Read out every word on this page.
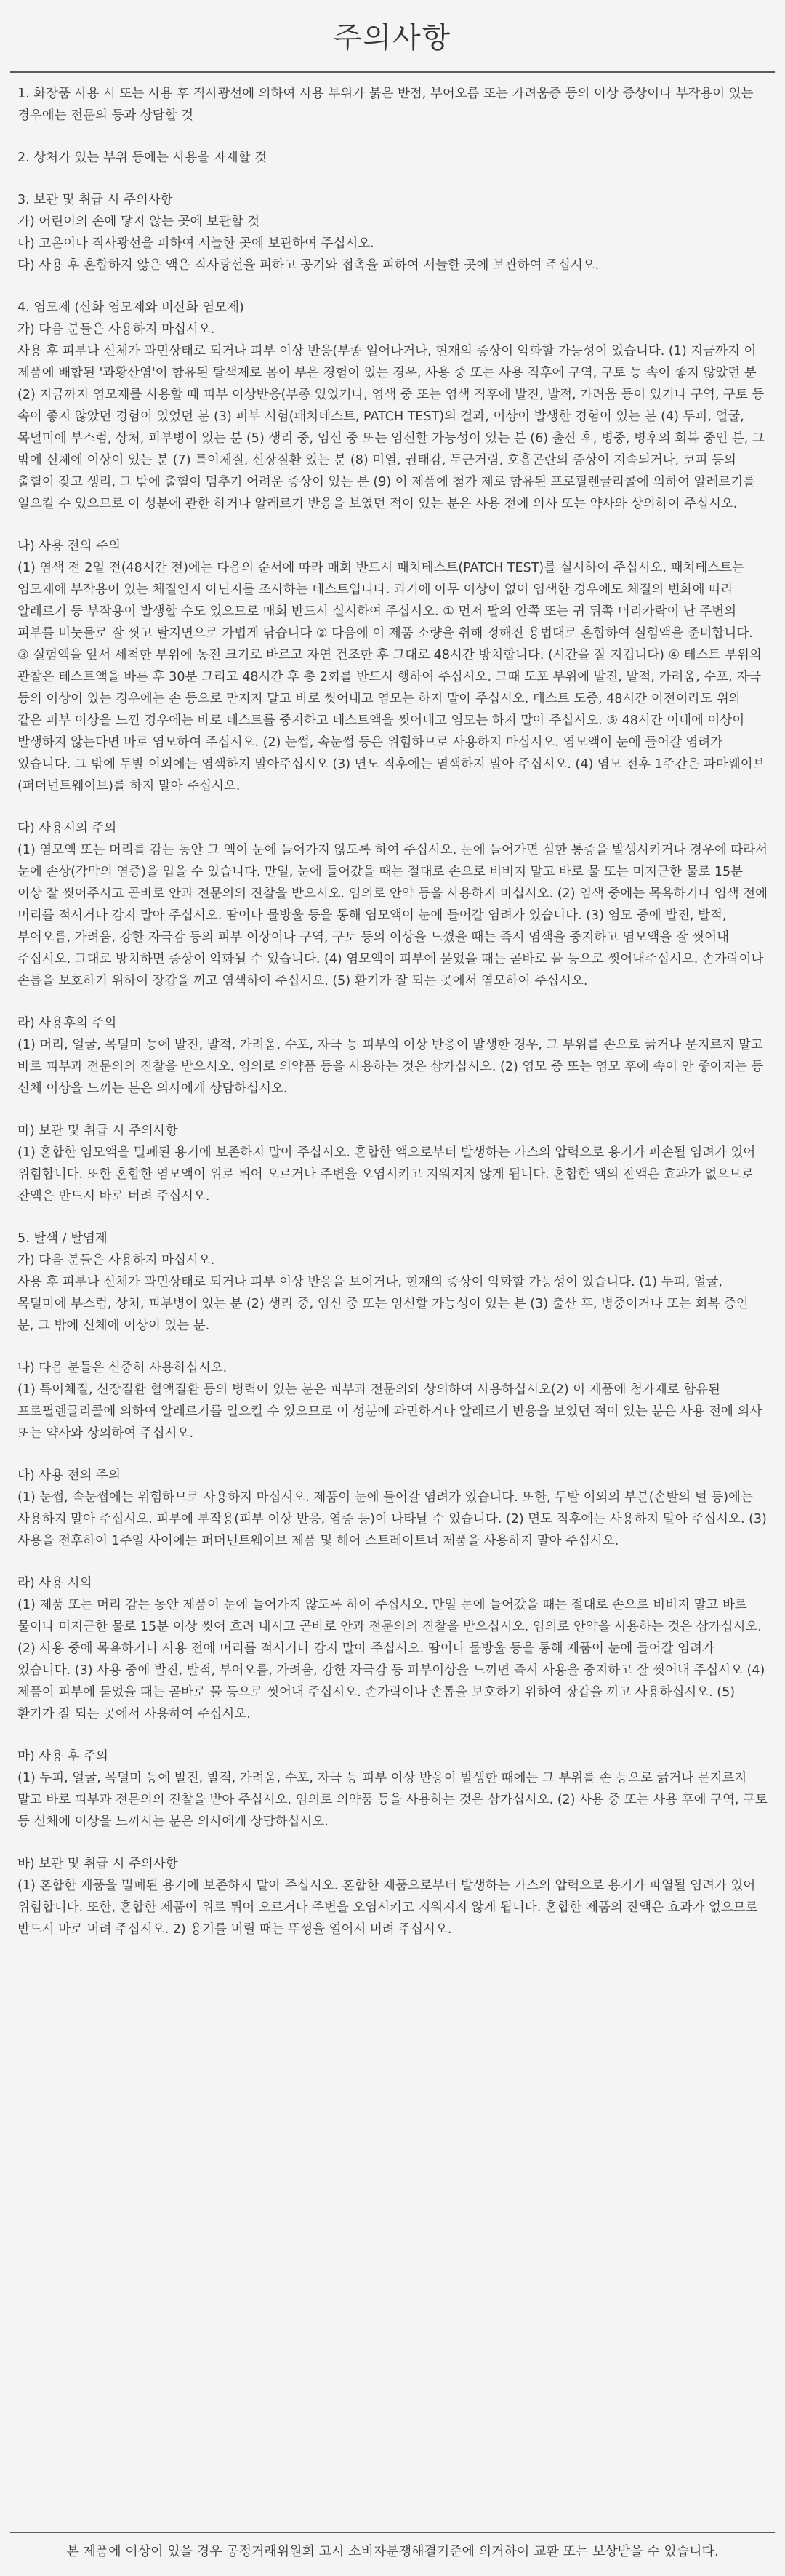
주의사항
1. 화장품 사용 시 또는 사용 후 직사광선에 의하여 사용 부위가 붉은 반점, 부어오름 또는 가려움증 등의 이상 증상이나 부작용이 있는 경우에는 전문의 등과 상담할 것
2. 상처가 있는 부위 등에는 사용을 자제할 것
3. 보관 및 취급 시 주의사항
가) 어린이의 손에 닿지 않는 곳에 보관할 것
나) 고온이나 직사광선을 피하여 서늘한 곳에 보관하여 주십시오.
다) 사용 후 혼합하지 않은 액은 직사광선을 피하고 공기와 접촉을 피하여 서늘한 곳에 보관하여 주십시오.
4. 염모제 (산화 염모제와 비산화 염모제)
가) 다음 분들은 사용하지 마십시오.
사용 후 피부나 신체가 과민상태로 되거나 피부 이상 반응(부종 일어나거나, 현재의 증상이 악화할 가능성이 있습니다. (1) 지금까지 이 제품에 배합된 '과황산염'이 함유된 탈색제로 몸이 부은 경험이 있는 경우, 사용 중 또는 사용 직후에 구역, 구토 등 속이 좋지 않았던 분 (2) 지금까지 염모제를 사용할 때 피부 이상반응(부종 있었거나, 염색 중 또는 염색 직후에 발진, 발적, 가려움 등이 있거나 구역, 구토 등 속이 좋지 않았던 경험이 있었던 분 (3) 피부 시험(패치테스트, PATCH TEST)의 결과, 이상이 발생한 경험이 있는 분 (4) 두피, 얼굴, 목덜미에 부스럼, 상처, 피부병이 있는 분 (5) 생리 중, 임신 중 또는 임신할 가능성이 있는 분 (6) 출산 후, 병중, 병후의 회복 중인 분, 그 밖에 신체에 이상이 있는 분 (7) 특이체질, 신장질환 있는 분 (8) 미열, 권태감, 두근거림, 호흡곤란의 증상이 지속되거나, 코피 등의 출혈이 잦고 생리, 그 밖에 출혈이 멈추기 어려운 증상이 있는 분 (9) 이 제품에 첨가 제로 함유된 프로필렌글리콜에 의하여 알레르기를 일으킬 수 있으므로 이 성분에 관한 하거나 알레르기 반응을 보였던 적이 있는 분은 사용 전에 의사 또는 약사와 상의하여 주십시오.
나) 사용 전의 주의
(1) 염색 전 2일 전(48시간 전)에는 다음의 순서에 따라 매회 반드시 패치테스트(PATCH TEST)를 실시하여 주십시오. 패치테스트는 염모제에 부작용이 있는 체질인지 아닌지를 조사하는 테스트입니다. 과거에 아무 이상이 없이 염색한 경우에도 체질의 변화에 따라 알레르기 등 부작용이 발생할 수도 있으므로 매회 반드시 실시하여 주십시오. ① 먼저 팔의 안쪽 또는 귀 뒤쪽 머리카락이 난 주변의 피부를 비눗물로 잘 씻고 탈지면으로 가볍게 닦습니다 ② 다음에 이 제품 소량을 취해 정해진 용법대로 혼합하여 실험액을 준비합니다. ③ 실험액을 앞서 세척한 부위에 동전 크기로 바르고 자연 건조한 후 그대로 48시간 방치합니다. (시간을 잘 지킵니다) ④ 테스트 부위의 관찰은 테스트액을 바른 후 30분 그리고 48시간 후 총 2회를 반드시 행하여 주십시오. 그때 도포 부위에 발진, 발적, 가려움, 수포, 자극 등의 이상이 있는 경우에는 손 등으로 만지지 말고 바로 씻어내고 염모는 하지 말아 주십시오. 테스트 도중, 48시간 이전이라도 위와 같은 피부 이상을 느낀 경우에는 바로 테스트를 중지하고 테스트액을 씻어내고 염모는 하지 말아 주십시오. ⑤ 48시간 이내에 이상이 발생하지 않는다면 바로 염모하여 주십시오. (2) 눈썹, 속눈썹 등은 위험하므로 사용하지 마십시오. 염모액이 눈에 들어갈 염려가 있습니다. 그 밖에 두발 이외에는 염색하지 말아주십시오 (3) 면도 직후에는 염색하지 말아 주십시오. (4) 염모 전후 1주간은 파마웨이브(퍼머넌트웨이브)를 하지 말아 주십시오.
다) 사용시의 주의
(1) 염모액 또는 머리를 감는 동안 그 액이 눈에 들어가지 않도록 하여 주십시오. 눈에 들어가면 심한 통증을 발생시키거나 경우에 따라서 눈에 손상(각막의 염증)을 입을 수 있습니다. 만일, 눈에 들어갔을 때는 절대로 손으로 비비지 말고 바로 물 또는 미지근한 물로 15분 이상 잘 씻어주시고 곧바로 안과 전문의의 진찰을 받으시오. 임의로 안약 등을 사용하지 마십시오. (2) 염색 중에는 목욕하거나 염색 전에 머리를 적시거나 감지 말아 주십시오. 땀이나 물방울 등을 통해 염모액이 눈에 들어갈 염려가 있습니다. (3) 염모 중에 발진, 발적, 부어오름, 가려움, 강한 자극감 등의 피부 이상이나 구역, 구토 등의 이상을 느꼈을 때는 즉시 염색을 중지하고 염모액을 잘 씻어내 주십시오. 그대로 방치하면 증상이 악화될 수 있습니다. (4) 염모액이 피부에 묻었을 때는 곧바로 물 등으로 씻어내주십시오. 손가락이나 손톱을 보호하기 위하여 장갑을 끼고 염색하여 주십시오. (5) 환기가 잘 되는 곳에서 염모하여 주십시오.
라) 사용후의 주의
(1) 머리, 얼굴, 목덜미 등에 발진, 발적, 가려움, 수포, 자극 등 피부의 이상 반응이 발생한 경우, 그 부위를 손으로 긁거나 문지르지 말고 바로 피부과 전문의의 진찰을 받으시오. 임의로 의약품 등을 사용하는 것은 삼가십시오. (2) 염모 중 또는 염모 후에 속이 안 좋아지는 등 신체 이상을 느끼는 분은 의사에게 상담하십시오.
마) 보관 및 취급 시 주의사항
(1) 혼합한 염모액을 밀폐된 용기에 보존하지 말아 주십시오. 혼합한 액으로부터 발생하는 가스의 압력으로 용기가 파손될 염려가 있어 위험합니다. 또한 혼합한 염모액이 위로 튀어 오르거나 주변을 오염시키고 지워지지 않게 됩니다. 혼합한 액의 잔액은 효과가 없으므로 잔액은 반드시 바로 버려 주십시오.
5. 탈색 / 탈염제
가) 다음 분들은 사용하지 마십시오.
사용 후 피부나 신체가 과민상태로 되거나 피부 이상 반응을 보이거나, 현재의 증상이 악화할 가능성이 있습니다. (1) 두피, 얼굴, 목덜미에 부스럼, 상처, 피부병이 있는 분 (2) 생리 중, 임신 중 또는 임신할 가능성이 있는 분 (3) 출산 후, 병중이거나 또는 회복 중인 분, 그 밖에 신체에 이상이 있는 분.
나) 다음 분들은 신중히 사용하십시오.
(1) 특이체질, 신장질환 혈액질환 등의 병력이 있는 분은 피부과 전문의와 상의하여 사용하십시오(2) 이 제품에 첨가제로 함유된 프로필렌글리콜에 의하여 알레르기를 일으킬 수 있으므로 이 성분에 과민하거나 알레르기 반응을 보였던 적이 있는 분은 사용 전에 의사 또는 약사와 상의하여 주십시오.
다) 사용 전의 주의
(1) 눈썹, 속눈썹에는 위험하므로 사용하지 마십시오. 제품이 눈에 들어갈 염려가 있습니다. 또한, 두발 이외의 부분(손발의 털 등)에는 사용하지 말아 주십시오. 피부에 부작용(피부 이상 반응, 염증 등)이 나타날 수 있습니다. (2) 면도 직후에는 사용하지 말아 주십시오. (3) 사용을 전후하여 1주일 사이에는 퍼머넌트웨이브 제품 및 헤어 스트레이트너 제품을 사용하지 말아 주십시오.
라) 사용 시의
(1) 제품 또는 머리 감는 동안 제품이 눈에 들어가지 않도록 하여 주십시오. 만일 눈에 들어갔을 때는 절대로 손으로 비비지 말고 바로 물이나 미지근한 물로 15분 이상 씻어 흐려 내시고 곧바로 안과 전문의의 진찰을 받으십시오. 임의로 안약을 사용하는 것은 삼가십시오. (2) 사용 중에 목욕하거나 사용 전에 머리를 적시거나 감지 말아 주십시오. 땀이나 물방울 등을 통해 제품이 눈에 들어갈 염려가 있습니다. (3) 사용 중에 발진, 발적, 부어오름, 가려움, 강한 자극감 등 피부이상을 느끼면 즉시 사용을 중지하고 잘 씻어내 주십시오 (4) 제품이 피부에 묻었을 때는 곧바로 물 등으로 씻어내 주십시오. 손가락이나 손톱을 보호하기 위하여 장갑을 끼고 사용하십시오. (5) 환기가 잘 되는 곳에서 사용하여 주십시오.
마) 사용 후 주의
(1) 두피, 얼굴, 목덜미 등에 발진, 발적, 가려움, 수포, 자극 등 피부 이상 반응이 발생한 때에는 그 부위를 손 등으로 긁거나 문지르지 말고 바로 피부과 전문의의 진찰을 받아 주십시오. 임의로 의약품 등을 사용하는 것은 삼가십시오. (2) 사용 중 또는 사용 후에 구역, 구토 등 신체에 이상을 느끼시는 분은 의사에게 상담하십시오.
바) 보관 및 취급 시 주의사항
(1) 혼합한 제품을 밀폐된 용기에 보존하지 말아 주십시오. 혼합한 제품으로부터 발생하는 가스의 압력으로 용기가 파열될 염려가 있어 위험합니다. 또한, 혼합한 제품이 위로 튀어 오르거나 주변을 오염시키고 지워지지 않게 됩니다. 혼합한 제품의 잔액은 효과가 없으므로 반드시 바로 버려 주십시오. 2) 용기를 버릴 때는 뚜껑을 열어서 버려 주십시오.
본 제품에 이상이 있을 경우 공정거래위원회 고시 소비자분쟁해결기준에 의거하여 교환 또는 보상받을 수 있습니다.
